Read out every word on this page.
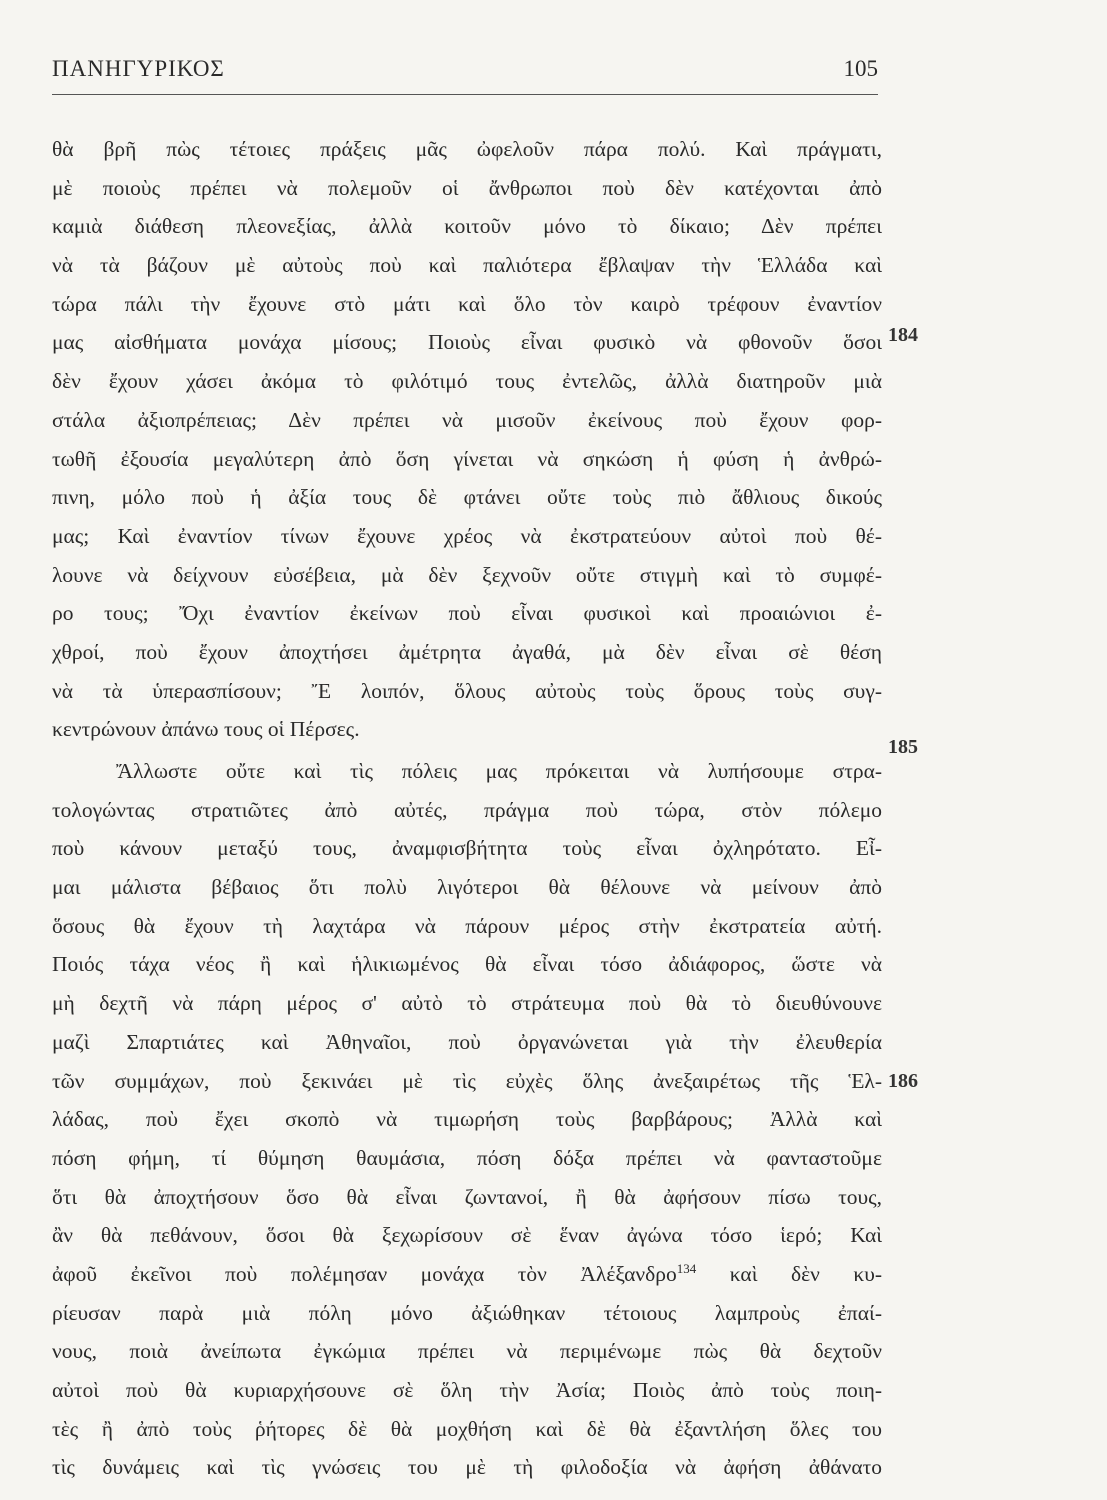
ΠΑΝΗΓΥΡΙΚΟΣ	105
θὰ βρῆ πὼς τέτοιες πράξεις μᾶς ὠφελοῦν πάρα πολύ. Καὶ πράγματι,
μὲ ποιοὺς πρέπει νὰ πολεμοῦν οἱ ἄνθρωποι ποὺ δὲν κατέχονται ἀπὸ
καμιὰ διάθεση πλεονεξίας, ἀλλὰ κοιτοῦν μόνο τὸ δίκαιο; Δὲν πρέπει
νὰ τὰ βάζουν μὲ αὐτοὺς ποὺ καὶ παλιότερα ἔβλαψαν τὴν Ἑλλάδα καὶ
τώρα πάλι τὴν ἔχουνε στὸ μάτι καὶ ὅλο τὸν καιρὸ τρέφουν ἐναντίον
μας αἰσθήματα μονάχα μίσους; Ποιοὺς εἶναι φυσικὸ νὰ φθονοῦν ὅσοι
δὲν ἔχουν χάσει ἀκόμα τὸ φιλότιμό τους ἐντελῶς, ἀλλὰ διατηροῦν μιὰ
στάλα ἀξιοπρέπειας; Δὲν πρέπει νὰ μισοῦν ἐκείνους ποὺ ἔχουν φορ-
τωθῆ ἐξουσία μεγαλύτερη ἀπὸ ὅση γίνεται νὰ σηκώση ἡ φύση ἡ ἀνθρώ-
πινη, μόλο ποὺ ἡ ἀξία τους δὲ φτάνει οὔτε τοὺς πιὸ ἄθλιους δικούς
μας; Καὶ ἐναντίον τίνων ἔχουνε χρέος νὰ ἐκστρατεύουν αὐτοὶ ποὺ θέ-
λουνε νὰ δείχνουν εὐσέβεια, μὰ δὲν ξεχνοῦν οὔτε στιγμὴ καὶ τὸ συμφέ-
ρο τους; Ὄχι ἐναντίον ἐκείνων ποὺ εἶναι φυσικοὶ καὶ προαιώνιοι ἐ-
χθροί, ποὺ ἔχουν ἀποχτήσει ἀμέτρητα ἀγαθά, μὰ δὲν εἶναι σὲ θέση
νὰ τὰ ὑπερασπίσουν; Ἔ λοιπόν, ὅλους αὐτοὺς τοὺς ὅρους τοὺς συγ-
κεντρώνουν ἀπάνω τους οἱ Πέρσες.
Ἄλλωστε οὔτε καὶ τὶς πόλεις μας πρόκειται νὰ λυπήσουμε στρα-
τολογώντας στρατιῶτες ἀπὸ αὐτές, πράγμα ποὺ τώρα, στὸν πόλεμο
ποὺ κάνουν μεταξύ τους, ἀναμφισβήτητα τοὺς εἶναι ὀχληρότατο. Εἶ-
μαι μάλιστα βέβαιος ὅτι πολὺ λιγότεροι θὰ θέλουνε νὰ μείνουν ἀπὸ
ὅσους θὰ ἔχουν τὴ λαχτάρα νὰ πάρουν μέρος στὴν ἐκστρατεία αὐτή.
Ποιός τάχα νέος ἢ καὶ ἡλικιωμένος θὰ εἶναι τόσο ἀδιάφορος, ὥστε νὰ
μὴ δεχτῆ νὰ πάρη μέρος σ' αὐτὸ τὸ στράτευμα ποὺ θὰ τὸ διευθύνουνε
μαζὶ Σπαρτιάτες καὶ Ἀθηναῖοι, ποὺ ὀργανώνεται γιὰ τὴν ἐλευθερία
τῶν συμμάχων, ποὺ ξεκινάει μὲ τὶς εὐχὲς ὅλης ἀνεξαιρέτως τῆς Ἑλ-
λάδας, ποὺ ἔχει σκοπὸ νὰ τιμωρήση τοὺς βαρβάρους; Ἀλλὰ καὶ
πόση φήμη, τί θύμηση θαυμάσια, πόση δόξα πρέπει νὰ φανταστοῦμε
ὅτι θὰ ἀποχτήσουν ὅσο θὰ εἶναι ζωντανοί, ἢ θὰ ἀφήσουν πίσω τους,
ἂν θὰ πεθάνουν, ὅσοι θὰ ξεχωρίσουν σὲ ἕναν ἀγώνα τόσο ἱερό; Καὶ
ἀφοῦ ἐκεῖνοι ποὺ πολέμησαν μονάχα τὸν Ἀλέξανδρο$^{134}$ καὶ δὲν κυ-
ρίευσαν παρὰ μιὰ πόλη μόνο ἀξιώθηκαν τέτοιους λαμπροὺς ἐπαί-
νους, ποιὰ ἀνείπωτα ἐγκώμια πρέπει νὰ περιμένωμε πὼς θὰ δεχτοῦν
αὐτοὶ ποὺ θὰ κυριαρχήσουνε σὲ ὅλη τὴν Ἀσία; Ποιὸς ἀπὸ τοὺς ποιη-
τὲς ἢ ἀπὸ τοὺς ῥήτορες δὲ θὰ μοχθήση καὶ δὲ θὰ ἐξαντλήση ὅλες του
τὶς δυνάμεις καὶ τὶς γνώσεις του μὲ τὴ φιλοδοξία νὰ ἀφήση ἀθάνατο
184
185
186
